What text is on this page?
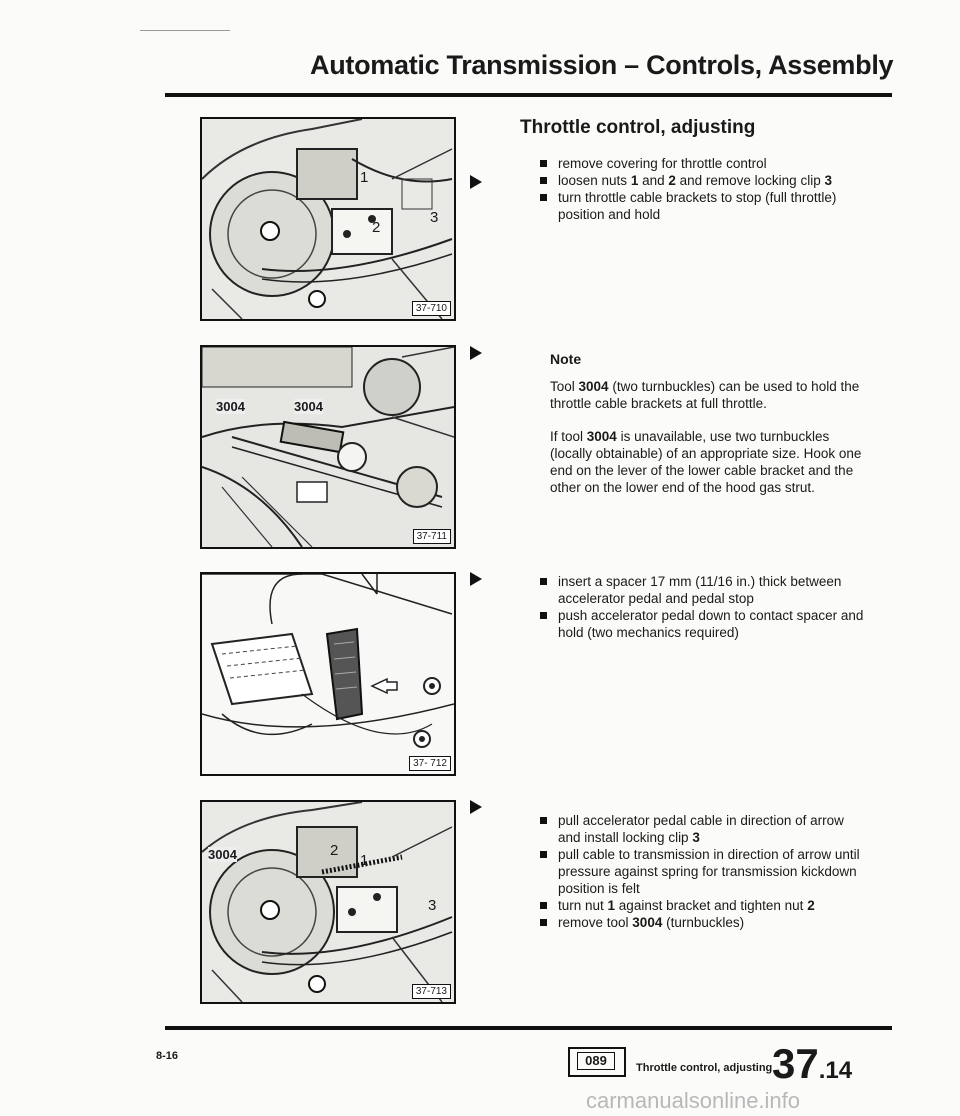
Automatic Transmission – Controls, Assembly
1
2
3
37-710
3004	3004
37-711
37- 712
3004	2
1
3
37-713
Throttle control, adjusting
remove covering for throttle control
loosen nuts 1 and 2 and remove locking clip 3
turn throttle cable brackets to stop (full throttle) position and hold
Note
Tool 3004 (two turnbuckles) can be used to hold the throttle cable brackets at full throttle.
If tool 3004 is unavailable, use two turnbuckles (locally obtainable) of an appropriate size. Hook one end on the lever of the lower cable bracket and the other on the lower end of the hood gas strut.
insert a spacer 17 mm (11/16 in.) thick between accelerator pedal and pedal stop
push accelerator pedal down to contact spacer and hold (two mechanics required)
pull accelerator pedal cable in direction of arrow and install locking clip 3
pull cable to transmission in direction of arrow until pressure against spring for transmission kickdown position is felt
turn nut 1 against bracket and tighten nut 2
remove tool 3004 (turnbuckles)
8-16	089	Throttle control, adjusting 37.14
carmanualsonline.info
